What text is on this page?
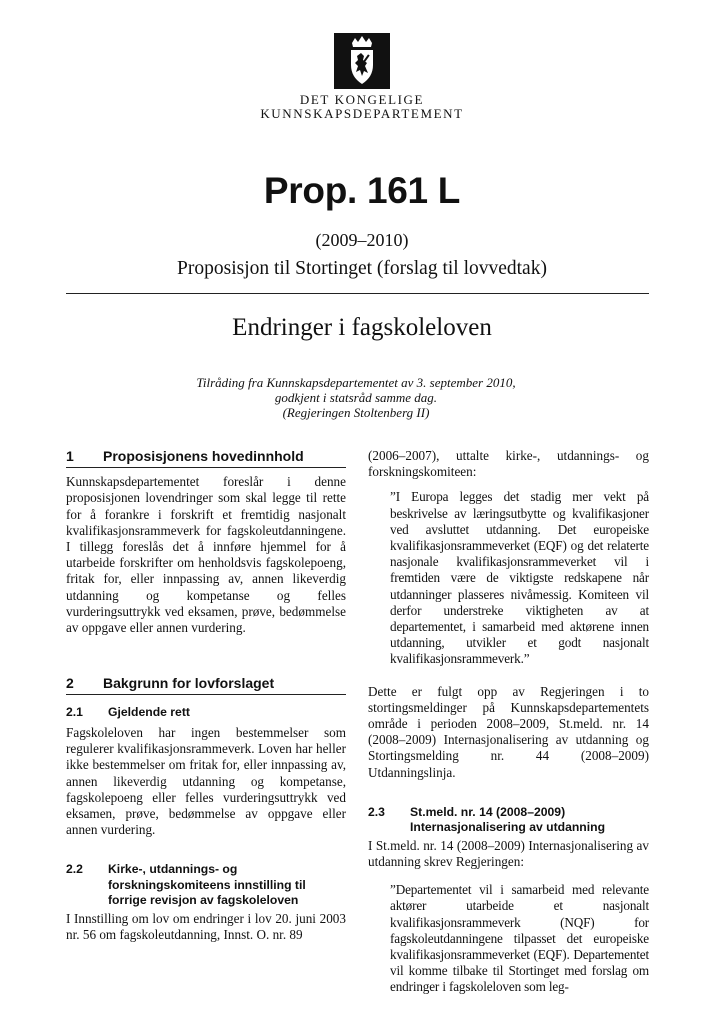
DET KONGELIGE
KUNNSKAPSDEPARTEMENT
Prop. 161 L
(2009–2010)
Proposisjon til Stortinget (forslag til lovvedtak)
Endringer i fagskoleloven
Tilråding fra Kunnskapsdepartementet av 3. september 2010,
godkjent i statsråd samme dag.
(Regjeringen Stoltenberg II)
1	Proposisjonens hovedinnhold

Kunnskapsdepartementet foreslår i denne proposisjonen lovendringer som skal legge til rette for å forankre i forskrift et fremtidig nasjonalt kvalifikasjonsrammeverk for fagskoleutdanningene. I tillegg foreslås det å innføre hjemmel for å utarbeide forskrifter om henholdsvis fagskolepoeng, fritak for, eller innpassing av, annen likeverdig utdanning og kompetanse og felles vurderingsuttrykk ved eksamen, prøve, bedømmelse av oppgave eller annen vurdering.

2	Bakgrunn for lovforslaget
2.1	Gjeldende rett

Fagskoleloven har ingen bestemmelser som regulerer kvalifikasjonsrammeverk. Loven har heller ikke bestemmelser om fritak for, eller innpassing av, annen likeverdig utdanning og kompetanse, fagskolepoeng eller felles vurderingsuttrykk ved eksamen, prøve, bedømmelse av oppgave eller annen vurdering.

2.2	Kirke-, utdannings- og
forskningskomiteens innstilling til
forrige revisjon av fagskoleloven

I Innstilling om lov om endringer i lov 20. juni 2003 nr. 56 om fagskoleutdanning, Innst. O. nr. 89

(2006–2007), uttalte kirke-, utdannings- og forskningskomiteen:

”I Europa legges det stadig mer vekt på beskrivelse av læringsutbytte og kvalifikasjoner ved avsluttet utdanning. Det europeiske kvalifikasjonsrammeverket (EQF) og det relaterte nasjonale kvalifikasjonsrammeverket vil i fremtiden være de viktigste redskapene når utdanninger plasseres nivåmessig. Komiteen vil derfor understreke viktigheten av at departementet, i samarbeid med aktørene innen utdanning, utvikler et godt nasjonalt kvalifikasjonsrammeverk.”

Dette er fulgt opp av Regjeringen i to stortingsmeldinger på Kunnskapsdepartementets område i perioden 2008–2009, St.meld. nr. 14 (2008–2009) Internasjonalisering av utdanning og Stortingsmelding nr. 44 (2008–2009) Utdanningslinja.

2.3	St.meld. nr. 14 (2008–2009)
Internasjonalisering av utdanning

I St.meld. nr. 14 (2008–2009) Internasjonalisering av utdanning skrev Regjeringen:

”Departementet vil i samarbeid med relevante aktører utarbeide et nasjonalt kvalifikasjonsrammeverk (NQF) for fagskoleutdanningene tilpasset det europeiske kvalifikasjonsrammeverket (EQF). Departementet vil komme tilbake til Stortinget med forslag om endringer i fagskoleloven som leg-
